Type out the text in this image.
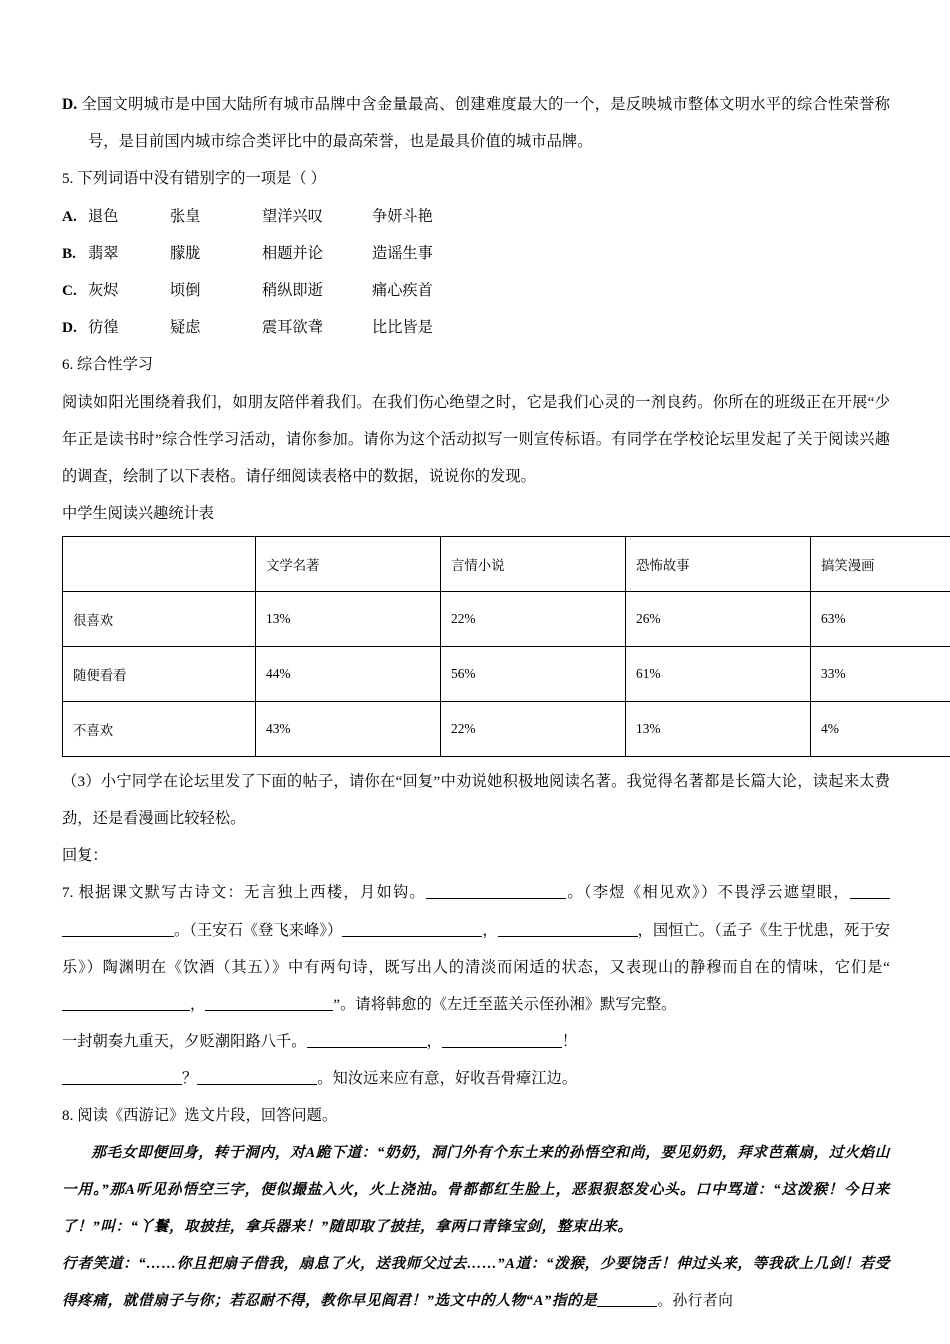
D. 全国文明城市是中国大陆所有城市品牌中含金量最高、创建难度最大的一个，是反映城市整体文明水平的综合性荣誉称号，是目前国内城市综合类评比中的最高荣誉，也是最具价值的城市品牌。

5. 下列词语中没有错别字的一项是（ ）

A. 退色	张皇	望洋兴叹	争妍斗艳
B. 翡翠	朦胧	相题并论	造谣生事
C. 灰烬	顷倒	稍纵即逝	痛心疾首
D. 彷徨	疑虑	震耳欲聋	比比皆是

6. 综合性学习

阅读如阳光围绕着我们，如朋友陪伴着我们。在我们伤心绝望之时，它是我们心灵的一剂良药。你所在的班级正在开展“少年正是读书时”综合性学习活动，请你参加。请你为这个活动拟写一则宣传标语。有同学在学校论坛里发起了关于阅读兴趣的调查，绘制了以下表格。请仔细阅读表格中的数据，说说你的发现。

中学生阅读兴趣统计表

	文学名著	言情小说	恐怖故事	搞笑漫画
很喜欢	13%	22%	26%	63%
随便看看	44%	56%	61%	33%
不喜欢	43%	22%	13%	4%

（3）小宁同学在论坛里发了下面的帖子，请你在“回复”中劝说她积极地阅读名著。我觉得名著都是长篇大论，读起来太费劲，还是看漫画比较轻松。

回复：

7. 根据课文默写古诗文：无言独上西楼，月如钩。	。（李煜《相见欢》）不畏浮云遮望眼，。（王安石《登飞来峰》）	，	，国恒亡。（孟子《生于忧患，死于安乐》）陶渊明在《饮酒（其五）》中有两句诗，既写出人的清淡而闲适的状态，又表现山的静穆而自在的情味，它们是“，	”。请将韩愈的《左迁至蓝关示侄孙湘》默写完整。

一封朝奏九重天，夕贬潮阳路八千。	，	！

？	。知汝远来应有意，好收吾骨瘴江边。

8. 阅读《西游记》选文片段，回答问题。

那毛女即便回身，转于洞内，对A跪下道：“奶奶，洞门外有个东土来的孙悟空和尚，要见奶奶，拜求芭蕉扇，过火焰山一用。”那A听见孙悟空三字，便似撮盐入火，火上浇油。骨都都红生脸上，恶狠狠怒发心头。口中骂道：“这泼猴！今日来了！”叫：“丫鬟，取披挂，拿兵器来！”随即取了披挂，拿两口青锋宝剑，整束出来。

行者笑道：“……你且把扇子借我，扇息了火，送我师父过去……”A道：“泼猴，少要饶舌！伸过头来，等我砍上几剑！若受得疼痛，就借扇子与你；若忍耐不得，教你早见阎君！”选文中的人物“A”指的是	。孙行者向
